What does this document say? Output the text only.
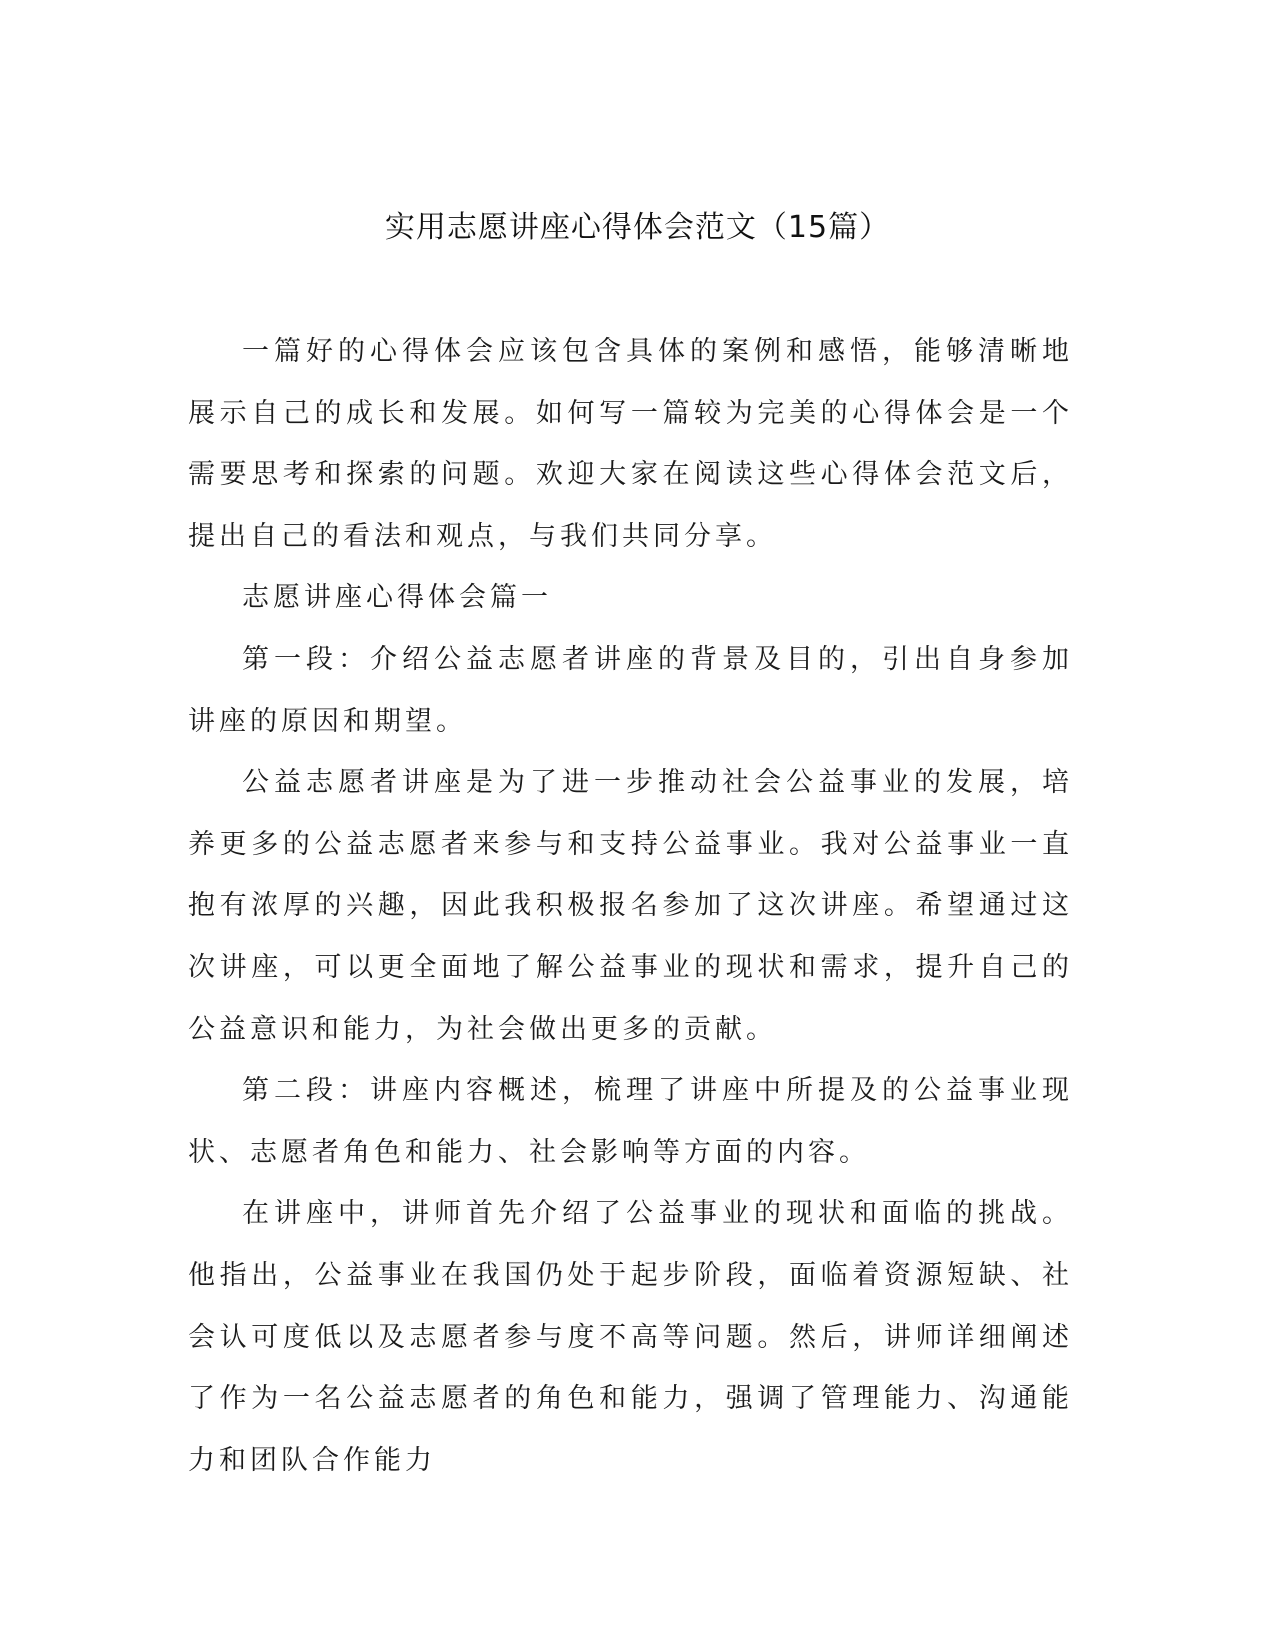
实用志愿讲座心得体会范文（15篇）

一篇好的心得体会应该包含具体的案例和感悟，能够清晰地展示自己的成长和发展。如何写一篇较为完美的心得体会是一个需要思考和探索的问题。欢迎大家在阅读这些心得体会范文后，提出自己的看法和观点，与我们共同分享。

志愿讲座心得体会篇一

第一段：介绍公益志愿者讲座的背景及目的，引出自身参加讲座的原因和期望。

公益志愿者讲座是为了进一步推动社会公益事业的发展，培养更多的公益志愿者来参与和支持公益事业。我对公益事业一直抱有浓厚的兴趣，因此我积极报名参加了这次讲座。希望通过这次讲座，可以更全面地了解公益事业的现状和需求，提升自己的公益意识和能力，为社会做出更多的贡献。

第二段：讲座内容概述，梳理了讲座中所提及的公益事业现状、志愿者角色和能力、社会影响等方面的内容。

在讲座中，讲师首先介绍了公益事业的现状和面临的挑战。他指出，公益事业在我国仍处于起步阶段，面临着资源短缺、社会认可度低以及志愿者参与度不高等问题。然后，讲师详细阐述了作为一名公益志愿者的角色和能力，强调了管理能力、沟通能力和团队合作能力
